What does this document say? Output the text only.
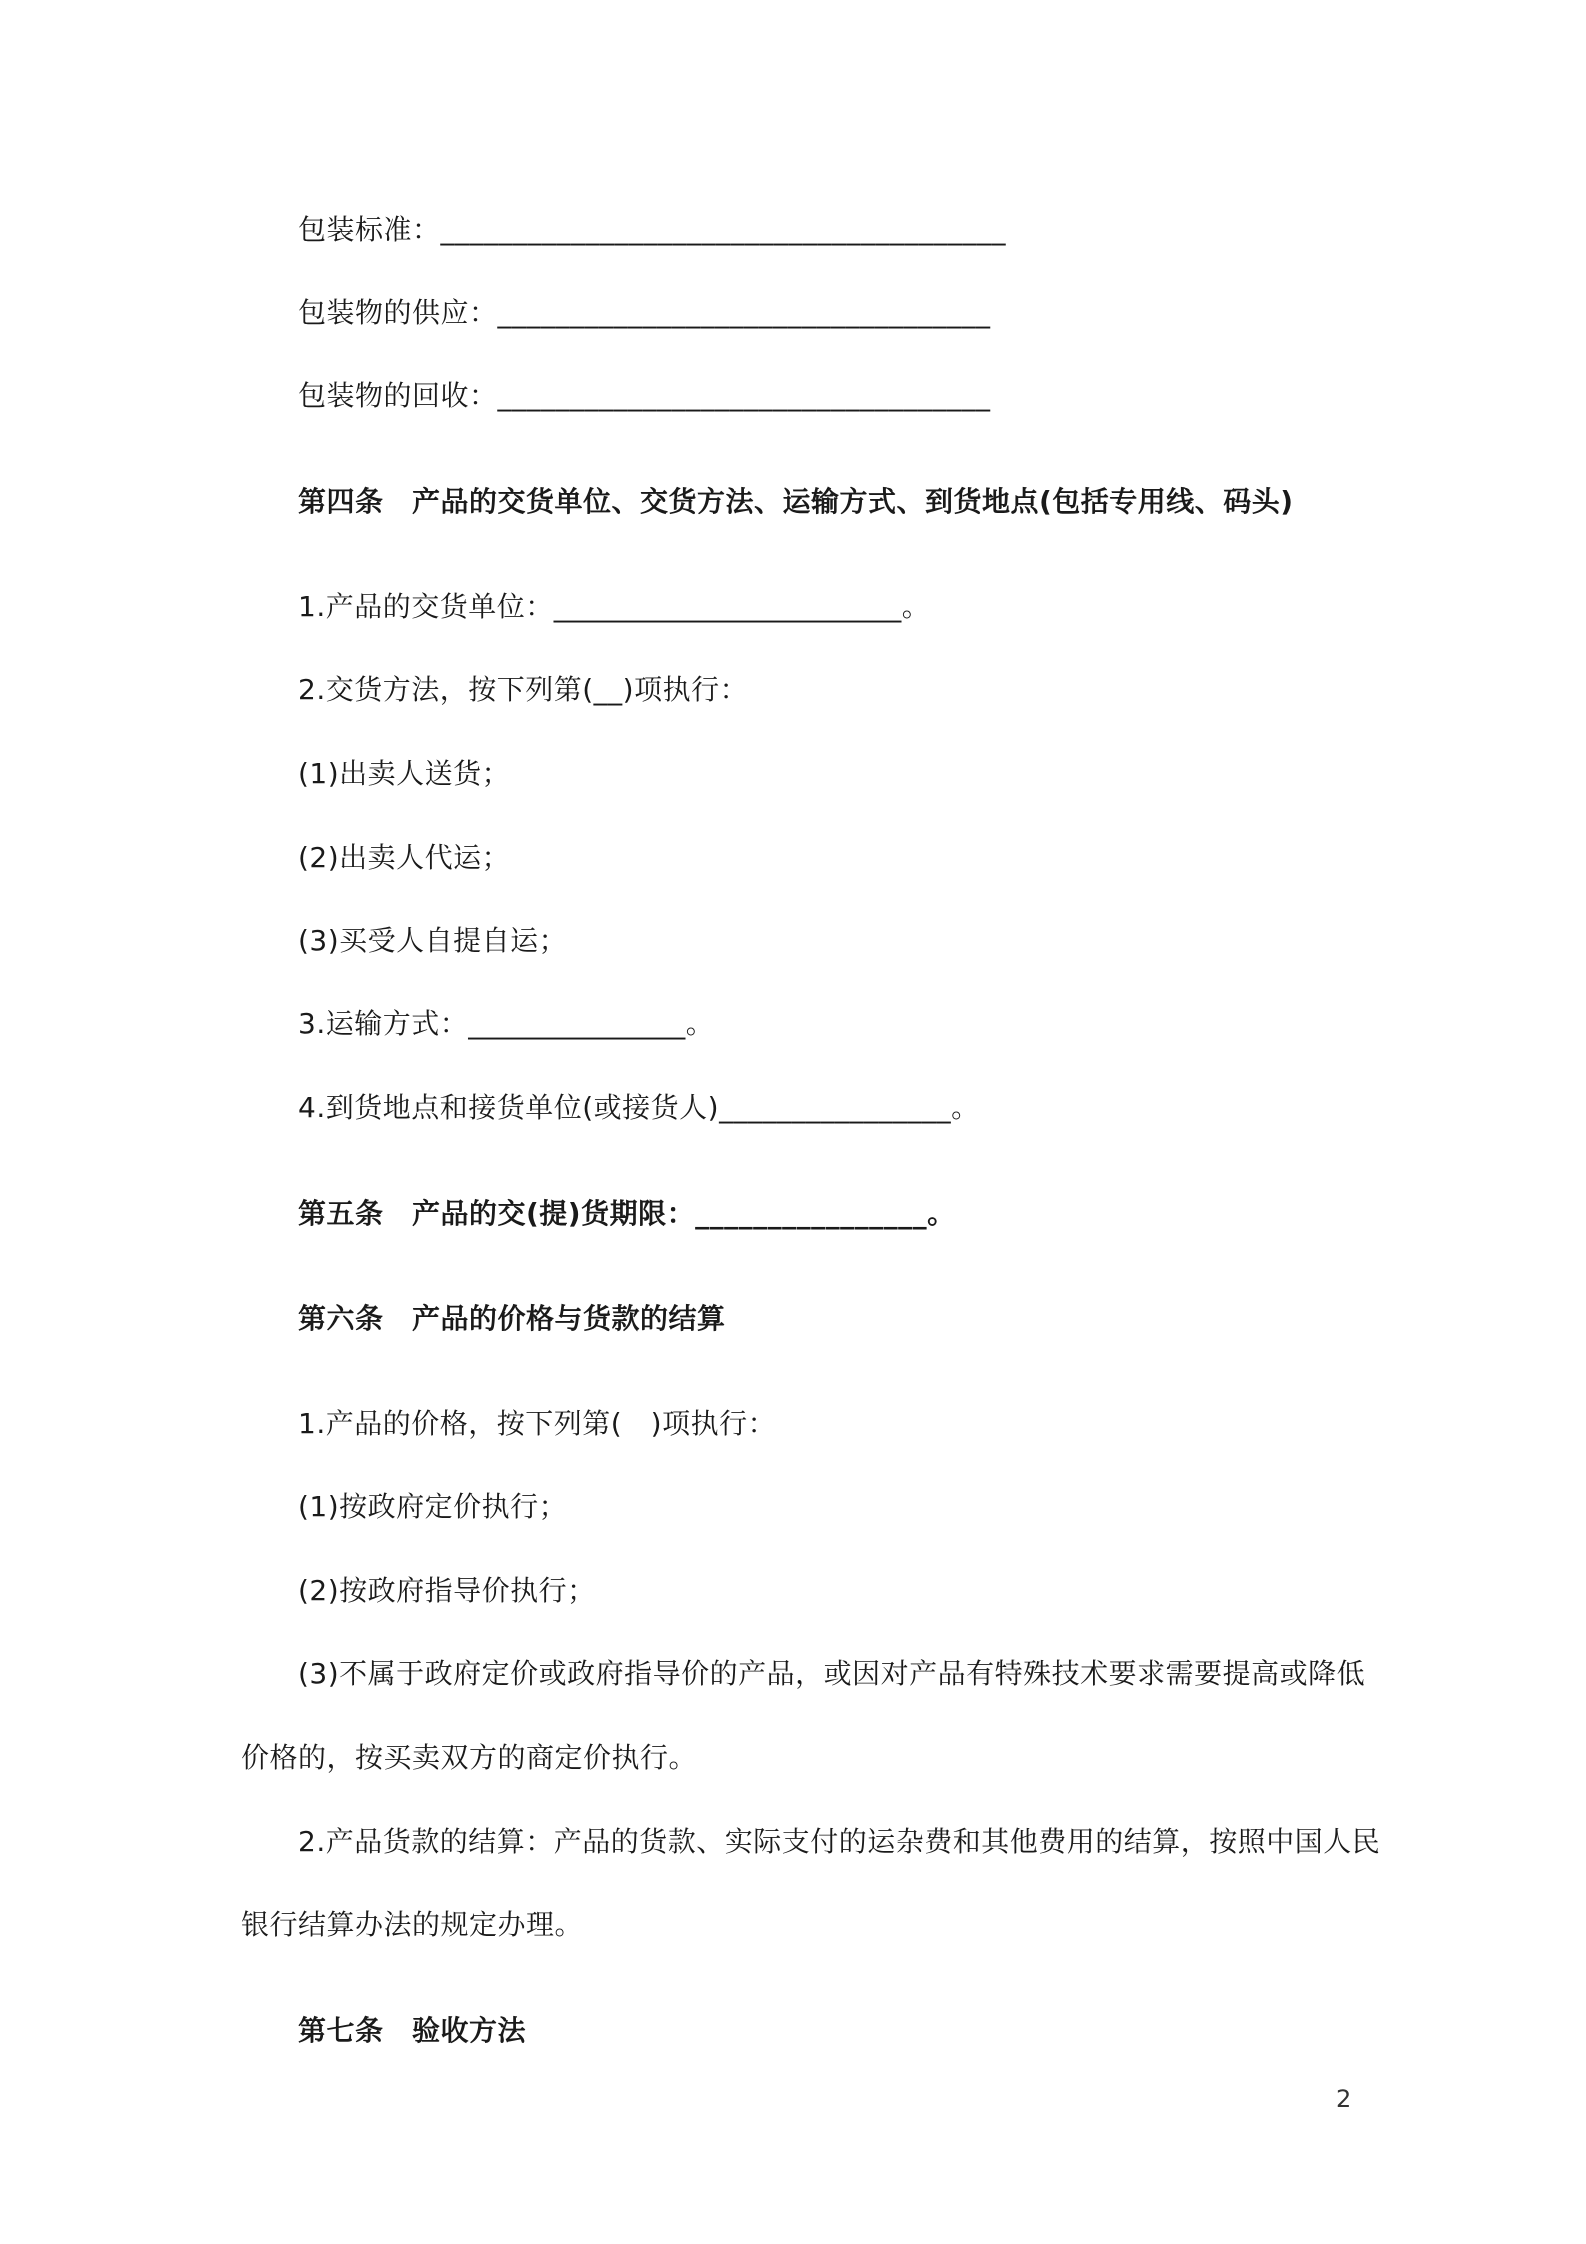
包装标准：_______________________________________
包装物的供应：__________________________________
包装物的回收：__________________________________
第四条　产品的交货单位、交货方法、运输方式、到货地点(包括专用线、码头)
1.产品的交货单位：________________________。
2.交货方法，按下列第(__)项执行：
(1)出卖人送货；
(2)出卖人代运；
(3)买受人自提自运；
3.运输方式：_______________。
4.到货地点和接货单位(或接货人)________________。
第五条　产品的交(提)货期限：________________。
第六条　产品的价格与货款的结算
1.产品的价格，按下列第(　)项执行：
(1)按政府定价执行；
(2)按政府指导价执行；
(3)不属于政府定价或政府指导价的产品，或因对产品有特殊技术要求需要提高或降低
价格的，按买卖双方的商定价执行。
2.产品货款的结算：产品的货款、实际支付的运杂费和其他费用的结算，按照中国人民
银行结算办法的规定办理。
第七条　验收方法
2
